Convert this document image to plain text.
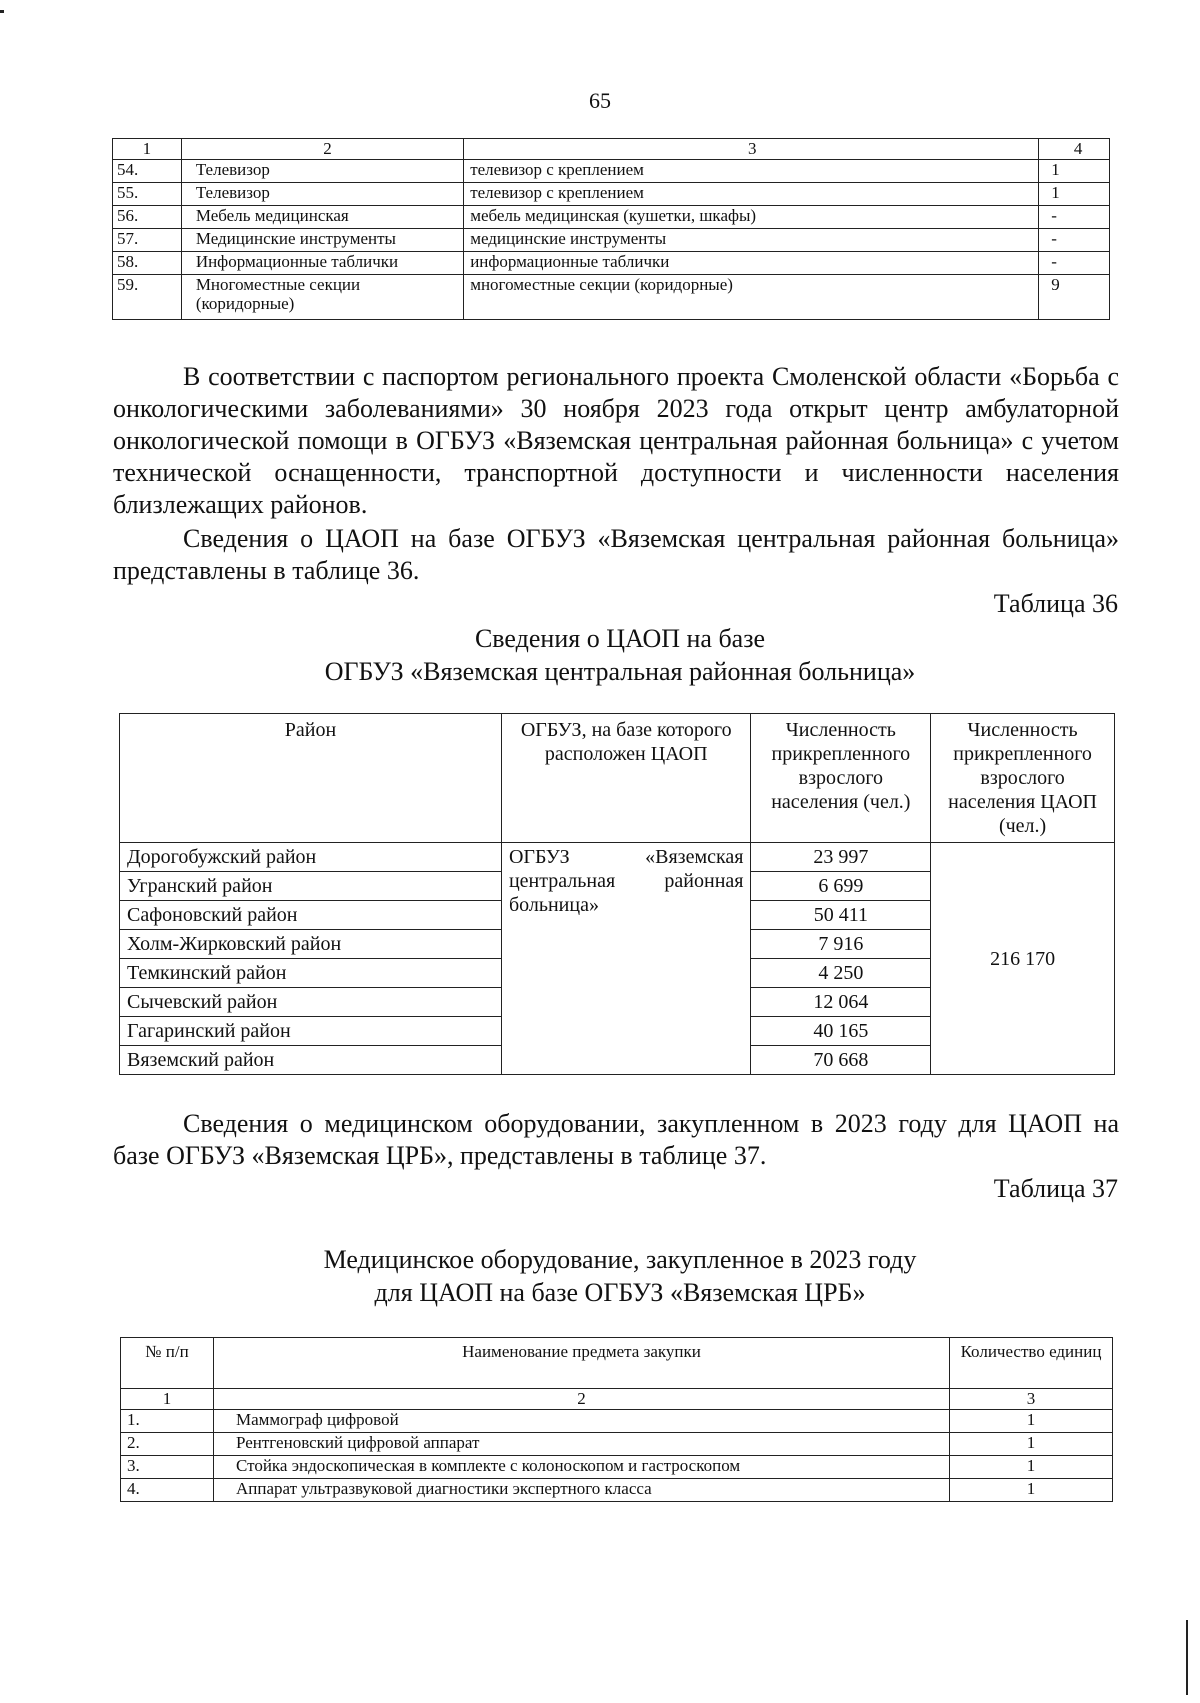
65
1	2	3	4
54.	Телевизор	телевизор с креплением	1
55.	Телевизор	телевизор с креплением	1
56.	Мебель медицинская	мебель медицинская (кушетки, шкафы)	-
57.	Медицинские инструменты	медицинские инструменты	-
58.	Информационные таблички	информационные таблички	-
59.	Многоместные секции (коридорные)	многоместные секции (коридорные)	9

В соответствии с паспортом регионального проекта Смоленской области «Борьба с онкологическими заболеваниями» 30 ноября 2023 года открыт центр амбулаторной онкологической помощи в ОГБУЗ «Вяземская центральная районная больница» с учетом технической оснащенности, транспортной доступности и численности населения близлежащих районов.

Сведения о ЦАОП на базе ОГБУЗ «Вяземская центральная районная больница» представлены в таблице 36.

Таблица 36
Сведения о ЦАОП на базе
ОГБУЗ «Вяземская центральная районная больница»
Район	ОГБУЗ, на базе которого расположен ЦАОП	Численность прикрепленного взрослого населения (чел.)	Численность прикрепленного взрослого населения ЦАОП (чел.)
Дорогобужский район	ОГБУЗ «Вяземская центральная районная больница»	23 997	216 170
Угранский район		6 699	
Сафоновский район		50 411	
Холм-Жирковский район		7 916	
Темкинский район		4 250	
Сычевский район		12 064	
Гагаринский район		40 165	
Вяземский район		70 668	

Сведения о медицинском оборудовании, закупленном в 2023 году для ЦАОП на базе ОГБУЗ «Вяземская ЦРБ», представлены в таблице 37.

Таблица 37
Медицинское оборудование, закупленное в 2023 году
для ЦАОП на базе ОГБУЗ «Вяземская ЦРБ»
№ п/п	Наименование предмета закупки	Количество единиц
1	2	3
1.	Маммограф цифровой	1
2.	Рентгеновский цифровой аппарат	1
3.	Стойка эндоскопическая в комплекте с колоноскопом и гастроскопом	1
4.	Аппарат ультразвуковой диагностики экспертного класса	1
